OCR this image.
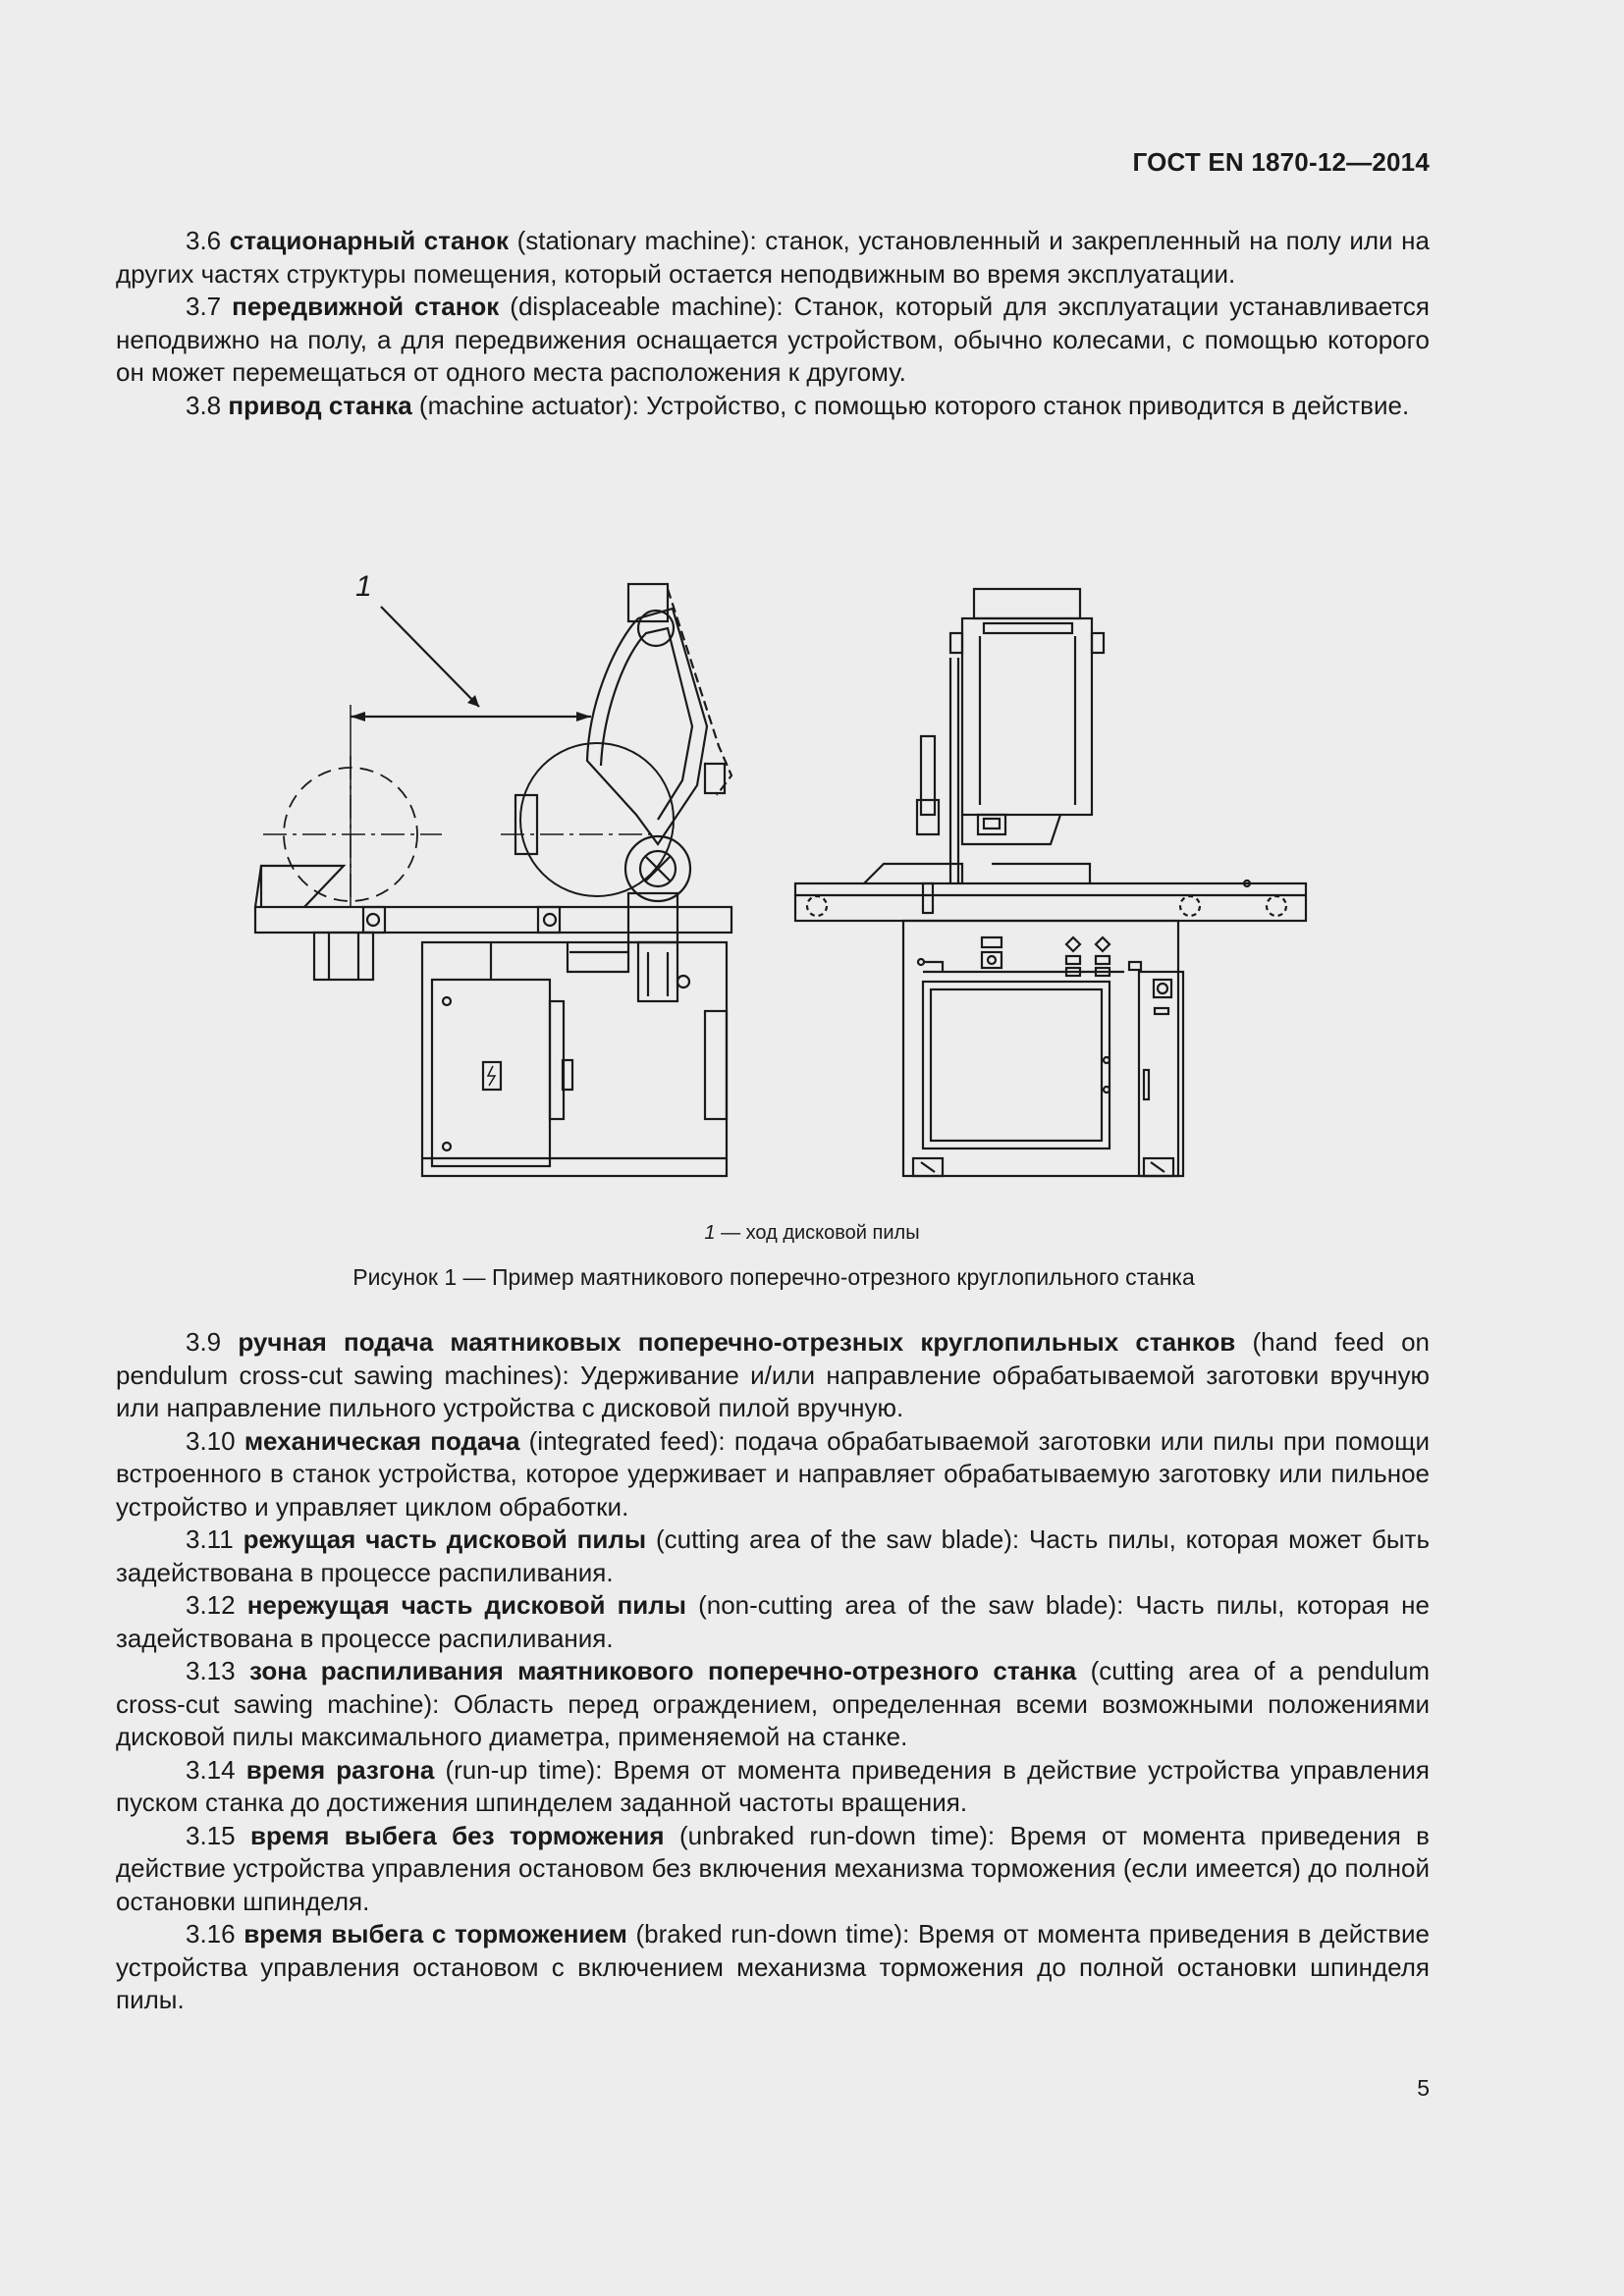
ГОСТ EN 1870-12—2014

3.6 стационарный станок (stationary machine): станок, установленный и закрепленный на полу или на других частях структуры помещения, который остается неподвижным во время эксплуатации.

3.7 передвижной станок (displaceable machine): Станок, который для эксплуатации устанавливается неподвижно на полу, а для передвижения оснащается устройством, обычно колесами, с помощью которого он может перемещаться от одного места расположения к другому.

3.8 привод станка (machine actuator): Устройство, с помощью которого станок приводится в действие.

1
1 — ход дисковой пилы
Рисунок 1 — Пример маятникового поперечно-отрезного круглопильного станка

3.9 ручная подача маятниковых поперечно-отрезных круглопильных станков (hand feed on pendulum cross-cut sawing machines): Удерживание и/или направление обрабатываемой заготовки вручную или направление пильного устройства с дисковой пилой вручную.

3.10 механическая подача (integrated feed): подача обрабатываемой заготовки или пилы при помощи встроенного в станок устройства, которое удерживает и направляет обрабатываемую заготовку или пильное устройство и управляет циклом обработки.

3.11 режущая часть дисковой пилы (cutting area of the saw blade): Часть пилы, которая может быть задействована в процессе распиливания.

3.12 нережущая часть дисковой пилы (non-cutting area of the saw blade): Часть пилы, которая не задействована в процессе распиливания.

3.13 зона распиливания маятникового поперечно-отрезного станка (cutting area of a pendulum cross-cut sawing machine): Область перед ограждением, определенная всеми возможными положениями дисковой пилы максимального диаметра, применяемой на станке.

3.14 время разгона (run-up time): Время от момента приведения в действие устройства управления пуском станка до достижения шпинделем заданной частоты вращения.

3.15 время выбега без торможения (unbraked run-down time): Время от момента приведения в действие устройства управления остановом без включения механизма торможения (если имеется) до полной остановки шпинделя.

3.16 время выбега с торможением (braked run-down time): Время от момента приведения в действие устройства управления остановом с включением механизма торможения до полной остановки шпинделя пилы.

5
